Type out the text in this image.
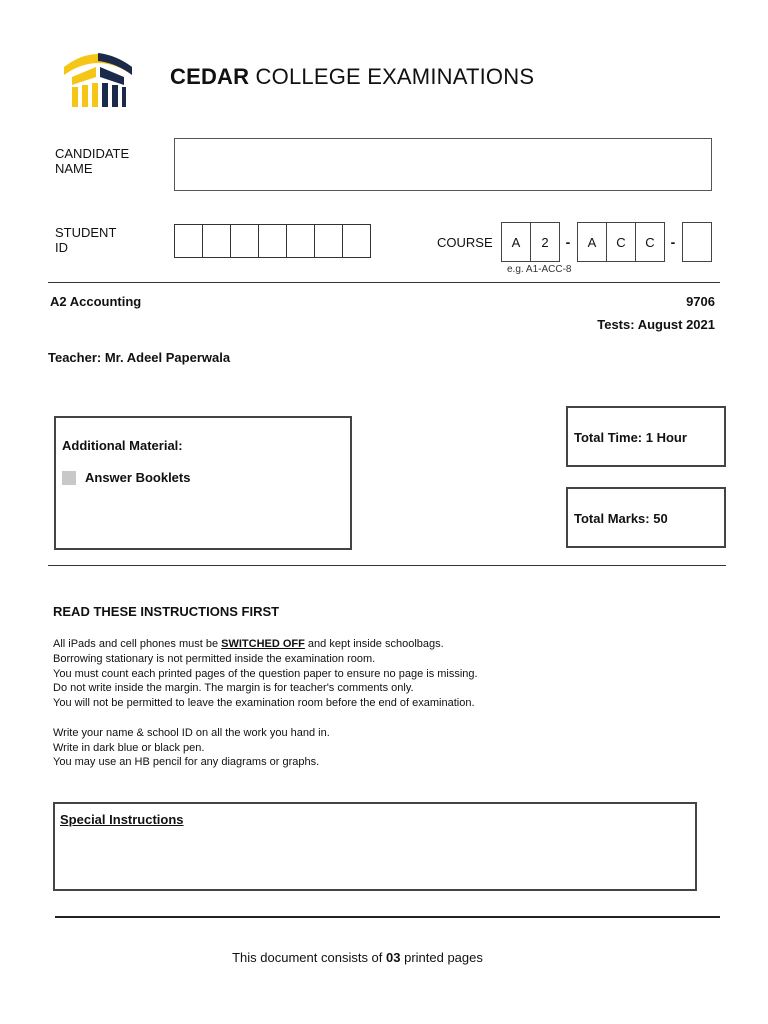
CEDAR COLLEGE EXAMINATIONS
CANDIDATE
NAME
STUDENT
ID	COURSE	A	2	-	A	C	C	-
e.g. A1-ACC-8
A2 Accounting	9706
Tests: August 2021
Teacher: Mr. Adeel Paperwala
Additional Material:
Answer Booklets
Total Time: 1 Hour
Total Marks: 50
READ THESE INSTRUCTIONS FIRST
All iPads and cell phones must be SWITCHED OFF and kept inside schoolbags.
Borrowing stationary is not permitted inside the examination room.
You must count each printed pages of the question paper to ensure no page is missing.
Do not write inside the margin. The margin is for teacher's comments only.
You will not be permitted to leave the examination room before the end of examination.
Write your name & school ID on all the work you hand in.
Write in dark blue or black pen.
You may use an HB pencil for any diagrams or graphs.
Special Instructions
This document consists of 03 printed pages
